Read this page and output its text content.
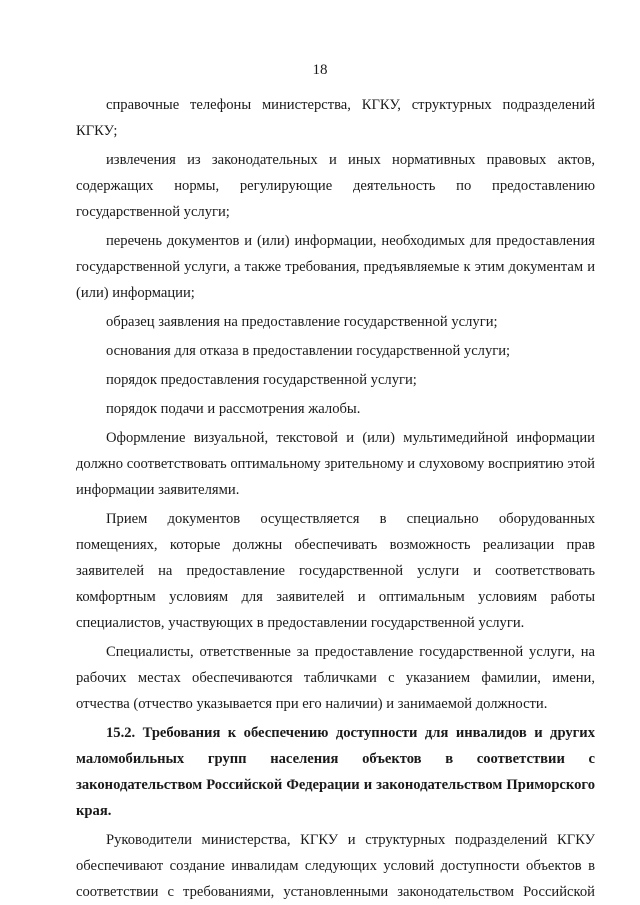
18

справочные телефоны министерства, КГКУ, структурных подразделений КГКУ;

извлечения из законодательных и иных нормативных правовых актов, содержащих нормы, регулирующие деятельность по предоставлению государственной услуги;

перечень документов и (или) информации, необходимых для предоставления государственной услуги, а также требования, предъявляемые к этим документам и (или) информации;

образец заявления на предоставление государственной услуги;

основания для отказа в предоставлении государственной услуги;

порядок предоставления государственной услуги;

порядок подачи и рассмотрения жалобы.

Оформление визуальной, текстовой и (или) мультимедийной информации должно соответствовать оптимальному зрительному и слуховому восприятию этой информации заявителями.

Прием документов осуществляется в специально оборудованных помещениях, которые должны обеспечивать возможность реализации прав заявителей на предоставление государственной услуги и соответствовать комфортным условиям для заявителей и оптимальным условиям работы специалистов, участвующих в предоставлении государственной услуги.

Специалисты, ответственные за предоставление государственной услуги, на рабочих местах обеспечиваются табличками с указанием фамилии, имени, отчества (отчество указывается при его наличии) и занимаемой должности.

15.2. Требования к обеспечению доступности для инвалидов и других маломобильных групп населения объектов в соответствии с законодательством Российской Федерации и законодательством Приморского края.

Руководители министерства, КГКУ и структурных подразделений КГКУ обеспечивают создание инвалидам следующих условий доступности объектов в соответствии с требованиями, установленными законодательством Российской
